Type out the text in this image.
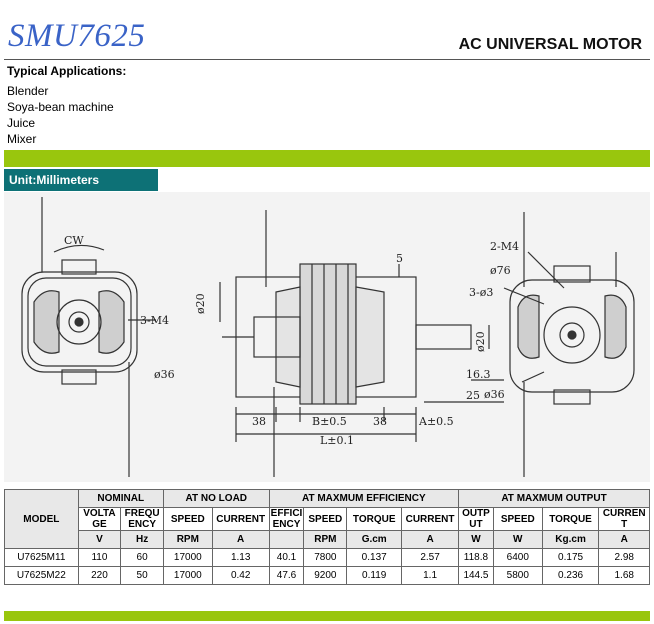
SMU7625	AC UNIVERSAL MOTOR
Typical Applications:
Blender
Soya-bean machine
Juice
Mixer
Unit:Millimeters
CW
3-M4
ø36
ø20
5
38	B±0.5 38	A±0.5
L±0.1
ø20
16.3
25
2-M4
ø76
3-ø3
ø36
MODEL	NOMINAL		AT NO LOAD		AT MAXMUM EFFICIENCY				AT MAXMUM OUTPUT			
	VOLTAGE	FREQUENCY	SPEED	CURRENT	EFFICIENCY	SPEED	TORQUE	CURRENT	OUTPUT	SPEED	TORQUE	CURRENT
	V	Hz	RPM	A		RPM	G.cm	A	W	W	Kg.cm	A
U7625M11	110	60	17000	1.13	40.1	7800	0.137	2.57	118.8	6400	0.175	2.98
U7625M22	220	50	17000	0.42	47.6	9200	0.119	1.1	144.5	5800	0.236	1.68
